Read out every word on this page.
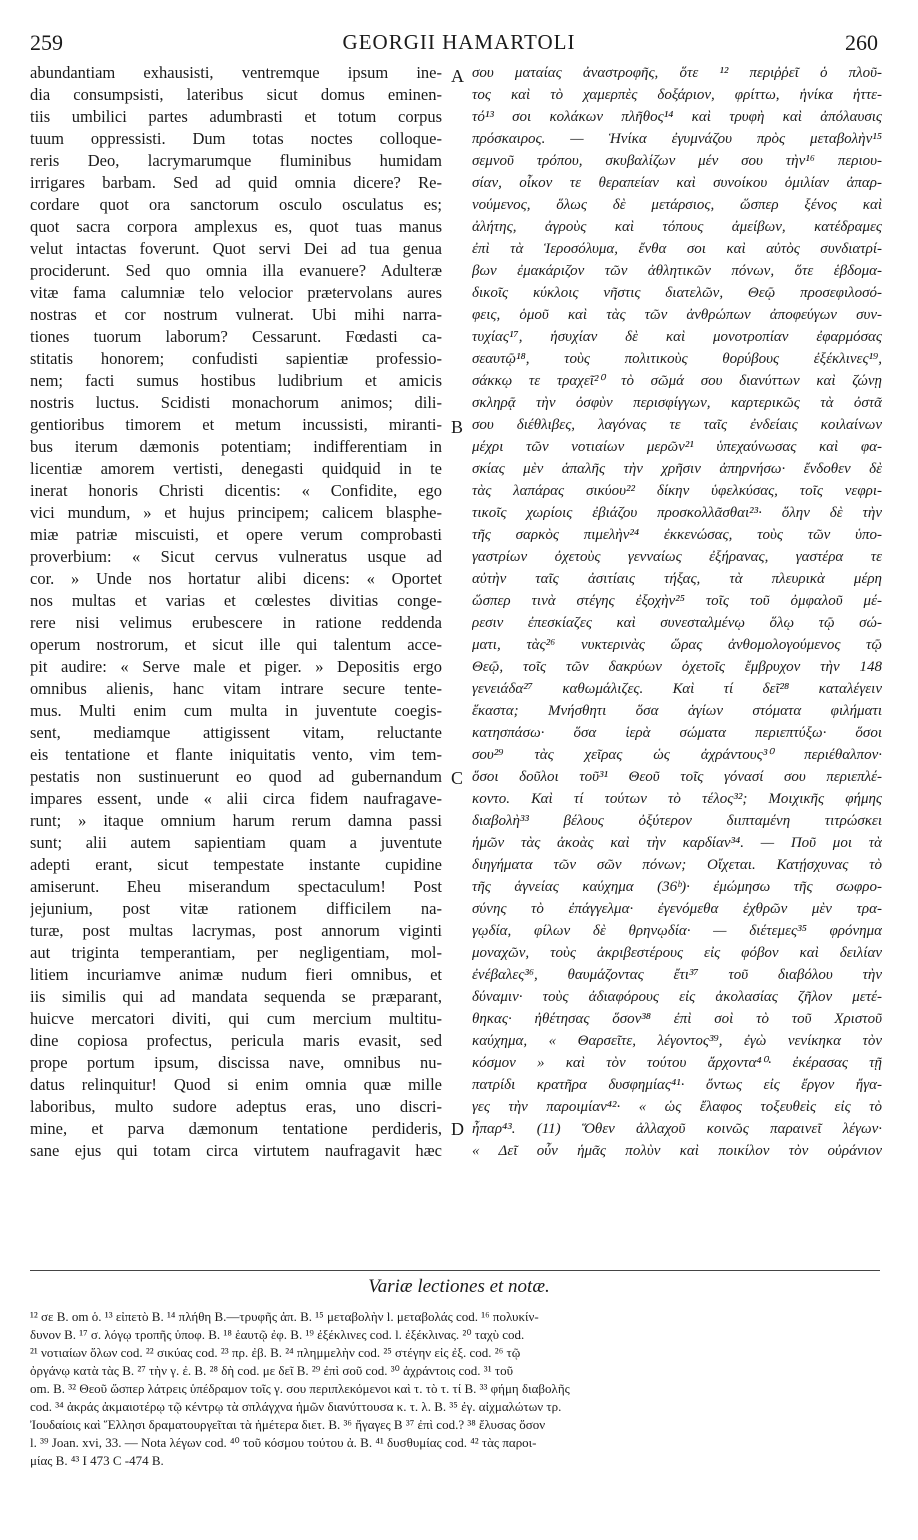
259	GEORGII HAMARTOLI	260
abundantiam exhausisti, ventremque ipsum ine-
dia consumpsisti, lateribus sicut domus eminen-
tiis umbilici partes adumbrasti et totum corpus
tuum oppressisti. Dum totas noctes colloque-
reris Deo, lacrymarumque fluminibus humidam
irrigares barbam. Sed ad quid omnia dicere? Re-
cordare quot ora sanctorum osculo osculatus es;
quot sacra corpora amplexus es, quot tuas manus
velut intactas foverunt. Quot servi Dei ad tua genua
prociderunt. Sed quo omnia illa evanuere? Adulteræ
vitæ fama calumniæ telo velocior prætervolans aures
nostras et cor nostrum vulnerat. Ubi mihi narra-
tiones tuorum laborum? Cessarunt. Fœdasti ca-
stitatis honorem; confudisti sapientiæ professio-
nem; facti sumus hostibus ludibrium et amicis
nostris luctus. Scidisti monachorum animos; dili-
gentioribus timorem et metum incussisti, miranti-
bus iterum dæmonis potentiam; indifferentiam in
licentiæ amorem vertisti, denegasti quidquid in te
inerat honoris Christi dicentis: « Confidite, ego
vici mundum, » et hujus principem; calicem blasphe-
miæ patriæ miscuisti, et opere verum comprobasti
proverbium: « Sicut cervus vulneratus usque ad
cor. » Unde nos hortatur alibi dicens: « Oportet
nos multas et varias et cœlestes divitias conge-
rere nisi velimus erubescere in ratione reddenda
operum nostrorum, et sicut ille qui talentum acce-
pit audire: « Serve male et piger. » Depositis ergo
omnibus alienis, hanc vitam intrare secure tente-
mus. Multi enim cum multa in juventute coegis-
sent, mediamque attigissent vitam, reluctante
eis tentatione et flante iniquitatis vento, vim tem-
pestatis non sustinuerunt eo quod ad gubernandum
impares essent, unde « alii circa fidem naufragave-
runt; » itaque omnium harum rerum damna passi
sunt; alii autem sapientiam quam a juventute
adepti erant, sicut tempestate instante cupidine
amiserunt. Eheu miserandum spectaculum! Post
jejunium, post vitæ rationem difficilem na-
turæ, post multas lacrymas, post annorum viginti
aut triginta temperantiam, per negligentiam, mol-
litiem incuriamve animæ nudum fieri omnibus, et
iis similis qui ad mandata sequenda se præparant,
huicve mercatori diviti, qui cum mercium multitu-
dine copiosa profectus, pericula maris evasit, sed
prope portum ipsum, discissa nave, omnibus nu-
datus relinquitur! Quod si enim omnia quæ mille
laboribus, multo sudore adeptus eras, uno discri-
mine, et parva dæmonum tentatione perdideris,
sane ejus qui totam circa virtutem naufragavit hæc
σου ματαίας ἀναστροφῆς, ὅτε ¹² περιῤῥεῖ ὁ πλοῦ-
τος καὶ τὸ χαμερπὲς δοξάριον, φρίττω, ἡνίκα ἡττε-
τό¹³ σοι κολάκων πλῆθος¹⁴ καὶ τρυφὴ καὶ ἀπόλαυσις
πρόσκαιρος. — Ἡνίκα ἐγυμνάζου πρὸς μεταβολὴν¹⁵
σεμνοῦ τρόπου, σκυβαλίζων μέν σου τὴν¹⁶ περιου-
σίαν, οἶκον τε θεραπείαν καὶ συνοίκου ὁμιλίαν ἀπαρ-
νούμενος, ὅλως δὲ μετάρσιος, ὥσπερ ξένος καὶ
ἀλήτης, ἀγροὺς καὶ τόπους ἀμείβων, κατέδραμες
ἐπὶ τὰ Ἱεροσόλυμα, ἔνθα σοι καὶ αὐτὸς συνδιατρί-
βων ἐμακάριζον τῶν ἀθλητικῶν πόνων, ὅτε ἑβδομα-
δικοῖς κύκλοις νῆστις διατελῶν, Θεῷ προσεφιλοσό-
φεις, ὁμοῦ καὶ τὰς τῶν ἀνθρώπων ἀποφεύγων συν-
τυχίας¹⁷, ἡσυχίαν δὲ καὶ μονοτροπίαν ἐφαρμόσας
σεαυτῷ¹⁸, τοὺς πολιτικοὺς θορύβους ἐξέκλινες¹⁹,
σάκκῳ τε τραχεῖ²⁰ τὸ σῶμά σου διανύττων καὶ ζώνῃ
σκληρᾷ τὴν ὀσφὺν περισφίγγων, καρτερικῶς τὰ ὀστᾶ
σου διέθλιβες, λαγόνας τε ταῖς ἐνδείαις κοιλαίνων
μέχρι τῶν νοτιαίων μερῶν²¹ ὑπεχαύνωσας καὶ φα-
σκίας μὲν ἁπαλῆς τὴν χρῆσιν ἀπηρνήσω· ἔνδοθεν δὲ
τὰς λαπάρας σικύου²² δίκην ὑφελκύσας, τοῖς νεφρι-
τικοῖς χωρίοις ἐβιάζου προσκολλᾶσθαι²³· ὅλην δὲ τὴν
τῆς σαρκὸς πιμελὴν²⁴ ἐκκενώσας, τοὺς τῶν ὑπο-
γαστρίων ὀχετοὺς γενναίως ἐξήρανας, γαστέρα τε
αὐτὴν ταῖς ἀσιτίαις τήξας, τὰ πλευρικὰ μέρη
ὥσπερ τινὰ στέγης ἐξοχὴν²⁵ τοῖς τοῦ ὀμφαλοῦ μέ-
ρεσιν ἐπεσκίαζες καὶ συνεσταλμένῳ ὅλῳ τῷ σώ-
ματι, τὰς²⁶ νυκτερινὰς ὥρας ἀνθομολογούμενος τῷ
Θεῷ, τοῖς τῶν δακρύων ὀχετοῖς ἔμβρυχον τὴν 148
γενειάδα²⁷ καθωμάλιζες. Καὶ τί δεῖ²⁸ καταλέγειν
ἕκαστα; Μνήσθητι ὅσα ἁγίων στόματα φιλήματι
κατησπάσω· ὅσα ἱερὰ σώματα περιεπτύξω· ὅσοι
σου²⁹ τὰς χεῖρας ὡς ἀχράντους³⁰ περιέθαλπον·
ὅσοι δοῦλοι τοῦ³¹ Θεοῦ τοῖς γόνασί σου περιεπλέ-
κοντο. Καὶ τί τούτων τὸ τέλος³²; Μοιχικῆς φήμης
διαβολὴ³³ βέλους ὀξύτερον διιπταμένη τιτρώσκει
ἡμῶν τὰς ἀκοὰς καὶ τὴν καρδίαν³⁴. — Ποῦ μοι τὰ
διηγήματα τῶν σῶν πόνων; Οἴχεται. Κατῄσχυνας τὸ
τῆς ἁγνείας καύχημα (36ᵇ)· ἐμώμησω τῆς σωφρο-
σύνης τὸ ἐπάγγελμα· ἐγενόμεθα ἐχθρῶν μὲν τρα-
γῳδία, φίλων δὲ θρηνῳδία· — διέτεμες³⁵ φρόνημα
μοναχῶν, τοὺς ἀκριβεστέρους εἰς φόβον καὶ δειλίαν
ἐνέβαλες³⁶, θαυμάζοντας ἔτι³⁷ τοῦ διαβόλου τὴν
δύναμιν· τοὺς ἀδιαφόρους εἰς ἀκολασίας ζῆλον μετέ-
θηκας· ἠθέτησας ὅσον³⁸ ἐπὶ σοὶ τὸ τοῦ Χριστοῦ
καύχημα, « Θαρσεῖτε, λέγοντος³⁹, ἐγὼ νενίκηκα τὸν
κόσμον » καὶ τὸν τούτου ἄρχοντα⁴⁰· ἐκέρασας τῇ
πατρίδι κρατῆρα δυσφημίας⁴¹· ὄντως εἰς ἔργον ἤγα-
γες τὴν παροιμίαν⁴²· « ὡς ἔλαφος τοξευθεὶς εἰς τὸ
ἧπαρ⁴³. (11) Ὅθεν ἀλλαχοῦ κοινῶς παραινεῖ λέγων·
« Δεῖ οὖν ἡμᾶς πολὺν καὶ ποικίλον τὸν οὐράνιον
A
B
C
D
Variæ lectiones et notæ.
¹² σε B. om ὁ. ¹³ εἰπετὸ B. ¹⁴ πλήθη B.—τρυφῆς ἀπ. B. ¹⁵ μεταβολὴν l. μεταβολάς cod. ¹⁶ πολυκίν-
δυνον B. ¹⁷ σ. λόγῳ τροπῆς ὑποφ. B. ¹⁸ ἑαυτῷ ἐφ. B. ¹⁹ ἐξέκλινες cod. l. ἐξέκλινας. ²⁰ ταχὺ cod.
²¹ νοτιαίων ὅλων cod. ²² σικύας cod. ²³ πρ. ἐβ. B. ²⁴ πλημμελὴν cod. ²⁵ στέγην εἰς ἐξ. cod. ²⁶ τῷ
ὀργάνῳ κατὰ τὰς B. ²⁷ τὴν γ. ἐ. B. ²⁸ δὴ cod. με δεῖ B. ²⁹ ἐπὶ σοῦ cod. ³⁰ ἀχράντοις cod. ³¹ τοῦ
om. B. ³² Θεοῦ ὥσπερ λάτρεις ὑπέδραμον τοῖς γ. σου περιπλεκόμενοι καὶ τ. τὸ τ. τί B. ³³ φήμη διαβολῆς
cod. ³⁴ ἀκράς ἀκμαιοτέρῳ τῷ κέντρῳ τὰ σπλάγχνα ἡμῶν διανύττουσα κ. τ. λ. B. ³⁵ ἐγ. αἰχμαλώτων τρ.
Ἰουδαίοις καὶ Ἕλλησι δραματουργεῖται τὰ ἡμέτερα διετ. B. ³⁶ ἤγαγες B ³⁷ ἐπὶ cod.? ³⁸ ἔλυσας ὅσον
l. ³⁹ Joan. xvi, 33. — Nota λέγων cod. ⁴⁰ τοῦ κόσμου τούτου ἀ. B. ⁴¹ δυσθυμίας cod. ⁴² τὰς παροι-
μίας B. ⁴³ I 473 C -474 B.
